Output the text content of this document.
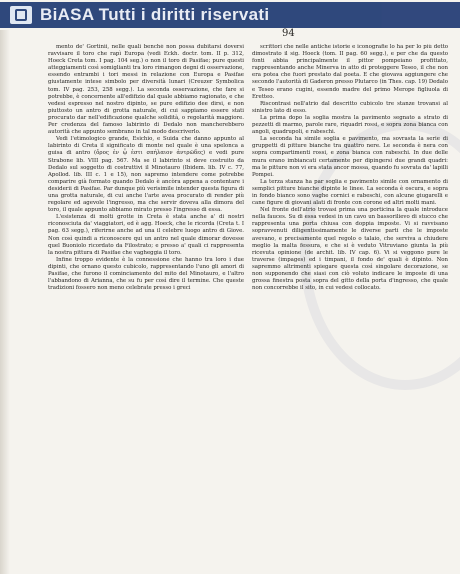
BiASA Tutti i diritti riservati
94

mento de' Gortinii, nelle quali benchè non possa dubitarsi doversi ravvisare il toro che rapì Europa (vedi Eckh. doctr. tom. II p. 312, Hoeck Creta tom. I pag. 104 seg.) o non il toro di Pasifae; pure questi atteggiamenti così somiglianti tra loro rimangon degni di osservazione, essendo entrambi i tori messi in relazione con Europa e Pasifae giustamente intese simbolo per diversità lunari (Creuzer Symbolica tom. IV pag. 253, 258 segg.). La seconda osservazione, che fare si potrebbe, è concernente all'edifizio dal quale abbiamo ragionato, e che vedesi espresso nel nostro dipinto, se pure edifizio dee dirsi, e non piuttosto un antro di grotta naturale, di cui sappiamo essere stati procurato dar nell'edificazione qualche solidità, o regolarità maggiore. Per credenza del famoso labirinto di Dedalo non mancherebbero autorità che appunto sembrano in tal modo descriverlo.

Vedi l'etimologico grande, Esichio, e Suida che danno appunto al labirinto di Creta il significato di monte nel quale è una spelonca a guisa di antro (ὄρος ἐν ᾧ ἐστι σπήλαιον ἀντρῶδες) e vedi pure Strabone lib. VIII pag. 567. Ma se il labirinto si deve costruito da Dedalo sul soggetto di costruttivi il Minotauro (Ibidem. lib. IV c. 77, Apollod. lib. III c. 1 e 15), non sapremo intendere come potrebbe comparire già formato quando Dedalo è ancòra appena a contentare i desiderii di Pasifae. Par dunque più verisimile intender questa figura di una grotta naturale, di cui anche l'arte avea procurato di render più regolare ed agevole l'ingresso, ma che servir doveva alla dimora del toro, il quale appunto abbiamo mirato presso l'ingresso di essa.

L'esistenza di molti grotte in Creta è stata anche a' di nostri riconosciuta da' viaggiatori, ed è agg. Hoeck, che le ricorda (Creta t. I pag. 63 segg.), riferirne anche ad una il celebre luogo antro di Giove. Non così quindi a riconoscere qui un antro nel quale dimorar dovesse quel Buoniolo ricordato da Filostrato; e presso a' quali ci rappresenta la nostra pittura di Pasifae che vagheggia il toro.

Infine troppo evidente è la connessione che hanno tra loro i due dipinti, che ornano questo cubicolo, rappresentando l'uno gli amori di Pasifae, che furono il cominciamento del mito del Minotauro, e l'altro l'abbandono di Arianna, che su fu per così dire il termine. Che queste tradizioni fossero non meno celebrate presso i greci

scrittori che nelle antiche istorie e iconografie lo ha per lo più detto dimostrato il sig. Hoeck (tom. II pag. 60 segg.), e per che da questo fonti abbia principalmente il pittor pompeiano profittato, rappresentando anche Minerva in atto di proteggere Teseo, il che non era potea che fuori prestato dal poeta. E che giovava aggiungere che secondo l'autorità di Gaderon presso Plutarco (in Thes. cap. 19) Dedalo e Teseo erano cugini, essendo madre del primo Merope figliuola di Eretteo.

Riscontrasi nell'atrio dal descritto cubicolo tre stanze trovansi al sinistro lato di esso.

La prima dopo la soglia mostra la pavimento segnato a strato di pezzetti di marmo, parole rare, riquadri rossi, e sopra zona bianca con angoli, quadrupoli, e rabeschi.

La seconda ha simile soglia e pavimento, ma sovrasta la serie di gruppetti di pitture bianche tra quattro nere. Le seconda è nera con sopra compartimenti rossi, e zona bianca con rabeschi. In due delle mura erano imbiancati certamente per dipingersi due grandi quadri: ma le pitture non vi era stata ancor mossa, quando fu sovrata da' lapilli Pompei.

La terza stanza ha par soglia e pavimento simile con ornamento di semplici pitture bianche dipinte le linee. La seconda è oscura, e sopra in fondo bianco sono vaghe cornici e rabeschi, con alcune giugarelli e cane figure di giovani alati di fronte con corone ed altri molti mani.

Nel fronte dell'atrio trovasi prima una porticina la quale introduce nella fauces. Su di essa vedesi in un cavo un bassorilievo di stucco che rappresenta una porta chiusa con doppia imposte. Vi si ravvisano sopravvenuti diligentissimamente le diverse parti che le imposte avevano, e precisamente quel regolo o talaio, che serviva a chiudere meglio la malta fessura, e che si è veduto Vitruviano giunta la più ricevuta opinione (de archit. lib. IV cap. 6). Vi si veggono pure le traverse (impages) ed i timpani, il fondo de' quali è dipinto. Non sapremmo altrimenti spiegare questa così singolare decorazione, se non supponendo che siasi con ciò voluto indicare le imposte di una grossa finestra posta sopra del gitto della porta d'ingresso, che quale non concorrebbe il sito, in cui vedesi collocato.
